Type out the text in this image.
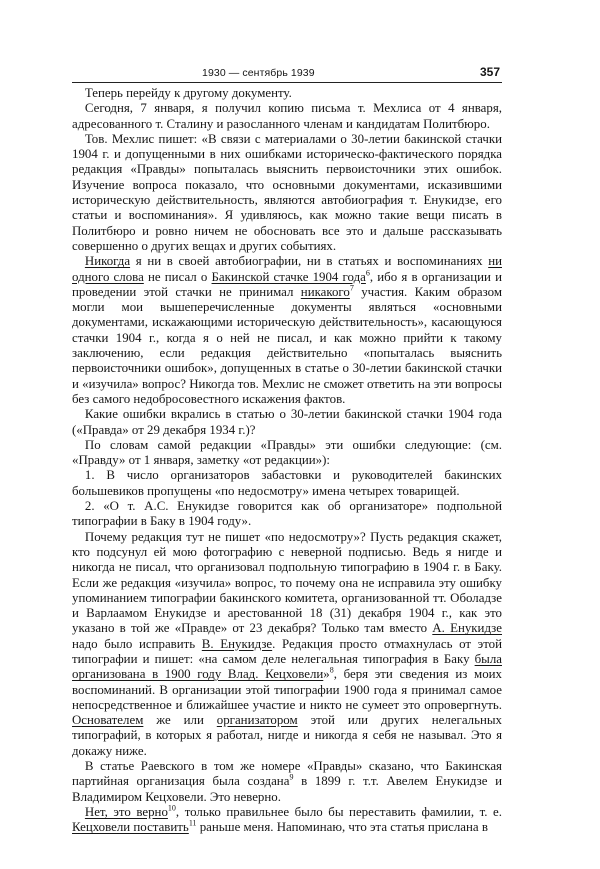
1930 — сентябрь 1939	357

 Теперь перейду к другому документу.

 Сегодня, 7 января, я получил копию письма т. Мехлиса от 4 января, адресованного т. Сталину и разосланного членам и кандидатам Политбюро.

 Тов. Мехлис пишет: «В связи с материалами о 30-летии бакинской стачки 1904 г. и допущенными в них ошибками историческо-фактического порядка редакция «Правды» попыталась выяснить первоисточники этих ошибок. Изучение вопроса показало, что основными документами, исказившими историческую действительность, являются автобиография т. Енукидзе, его статьи и воспоминания». Я удивляюсь, как можно такие вещи писать в Политбюро и ровно ничем не обосновать все это и дальше рассказывать совершенно о других вещах и других событиях.

 Никогда я ни в своей автобиографии, ни в статьях и воспоминаниях ни одного слова не писал о Бакинской стачке 1904 года$^6$, ибо я в организации и проведении этой стачки не принимал никакого$^7$ участия. Каким образом могли мои вышеперечисленные документы являться «основными документами, искажающими историческую действительность», касающуюся стачки 1904 г., когда я о ней не писал, и как можно прийти к такому заключению, если редакция действительно «попыталась выяснить первоисточники ошибок», допущенных в статье о 30-летии бакинской стачки и «изучила» вопрос? Никогда тов. Мехлис не сможет ответить на эти вопросы без самого недобросовестного искажения фактов.

 Какие ошибки вкрались в статью о 30-летии бакинской стачки 1904 года («Правда» от 29 декабря 1934 г.)?

 По словам самой редакции «Правды» эти ошибки следующие: (см. «Правду» от 1 января, заметку «от редакции»):

 1. В число организаторов забастовки и руководителей бакинских большевиков пропущены «по недосмотру» имена четырех товарищей.

 2. «О т. А.С. Енукидзе говорится как об организаторе» подпольной типографии в Баку в 1904 году».

 Почему редакция тут не пишет «по недосмотру»? Пусть редакция скажет, кто подсунул ей мою фотографию с неверной подписью. Ведь я нигде и никогда не писал, что организовал подпольную типографию в 1904 г. в Баку. Если же редакция «изучила» вопрос, то почему она не исправила эту ошибку упоминанием типографии бакинского комитета, организованной тт. Оболадзе и Варлаамом Енукидзе и арестованной 18 (31) декабря 1904 г., как это указано в той же «Правде» от 23 декабря? Только там вместо А. Енукидзе надо было исправить В. Енукидзе. Редакция просто отмахнулась от этой типографии и пишет: «на самом деле нелегальная типография в Баку была организована в 1900 году Влад. Кецховели»$^8$, беря эти сведения из моих воспоминаний. В организации этой типографии 1900 года я принимал самое непосредственное и ближайшее участие и никто не сумеет это опровергнуть. Основателем же или организатором этой или других нелегальных типографий, в которых я работал, нигде и никогда я себя не называл. Это я докажу ниже.

 В статье Раевского в том же номере «Правды» сказано, что Бакинская партийная организация была создана$^9$ в 1899 г. т.т. Авелем Енукидзе и Владимиром Кецховели. Это неверно.

 Нет, это верно$^{10}$, только правильнее было бы переставить фамилии, т. е. Кецховели поставить$^{11}$ раньше меня. Напоминаю, что эта статья прислана в
